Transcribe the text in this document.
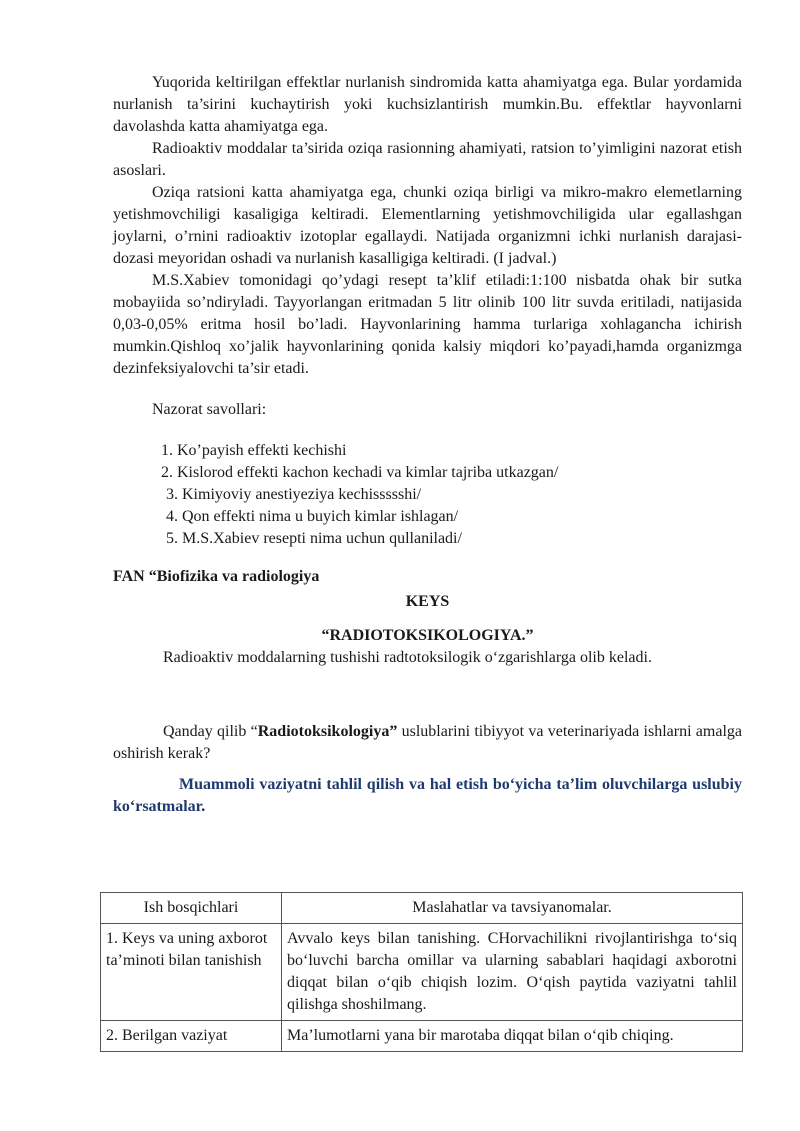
Yuqorida keltirilgan effektlar nurlanish sindromida katta ahamiyatga ega. Bular yordamida nurlanish ta’sirini kuchaytirish yoki kuchsizlantirish mumkin.Bu. effektlar hayvonlarni davolashda katta ahamiyatga ega.

Radioaktiv moddalar ta’sirida oziqa rasionning ahamiyati, ratsion to’yimligini nazorat etish asoslari.

Oziqa ratsioni katta ahamiyatga ega, chunki oziqa birligi va mikro-makro elemetlarning yetishmovchiligi kasaligiga keltiradi. Elementlarning yetishmovchiligida ular egallashgan joylarni, o’rnini radioaktiv izotoplar egallaydi. Natijada organizmni ichki nurlanish darajasi-dozasi meyoridan oshadi va nurlanish kasalligiga keltiradi. (I jadval.)

M.S.Xabiev tomonidagi qo’ydagi resept ta’klif etiladi:1:100 nisbatda ohak bir sutka mobayiida so’ndiryladi. Tayyorlangan eritmadan 5 litr olinib 100 litr suvda eritiladi, natijasida 0,03-0,05% eritma hosil bo’ladi. Hayvonlarining hamma turlariga xohlagancha ichirish mumkin.Qishloq xo’jalik hayvonlarining qonida kalsiy miqdori ko’payadi,hamda organizmga dezinfeksiyalovchi ta’sir etadi.

Nazorat savollari:

1. Ko’payish effekti kechishi
2. Kislorod effekti kachon kechadi va kimlar tajriba utkazgan/
3. Kimiyoviy anestiyeziya kechissssshi/
4. Qon effekti nima u buyich kimlar ishlagan/
5. M.S.Xabiev resepti nima uchun qullaniladi/

FAN “Biofizika va radiologiya

KEYS

“RADIOTOKSIKOLOGIYA.”

Radioaktiv moddalarning tushishi radtotoksilogik o‘zgarishlarga olib keladi.

Qanday qilib “Radiotoksikologiya” uslublarini tibiyyot va veterinariyada ishlarni amalga oshirish kerak?

Muammoli vaziyatni tahlil qilish va hal etish bo‘yicha ta’lim oluvchilarga uslubiy ko‘rsatmalar.

Ish bosqichlari	Maslahatlar va tavsiyanomalar.
1. Keys va uning axborot ta’minoti bilan tanishish	Avvalo keys bilan tanishing. CHorvachilikni rivojlantirishga to‘siq bo‘luvchi barcha omillar va ularning sabablari haqidagi axborotni diqqat bilan o‘qib chiqish lozim. O‘qish paytida vaziyatni tahlil qilishga shoshilmang.
2. Berilgan vaziyat	Ma’lumotlarni yana bir marotaba diqqat bilan o‘qib chiqing.
